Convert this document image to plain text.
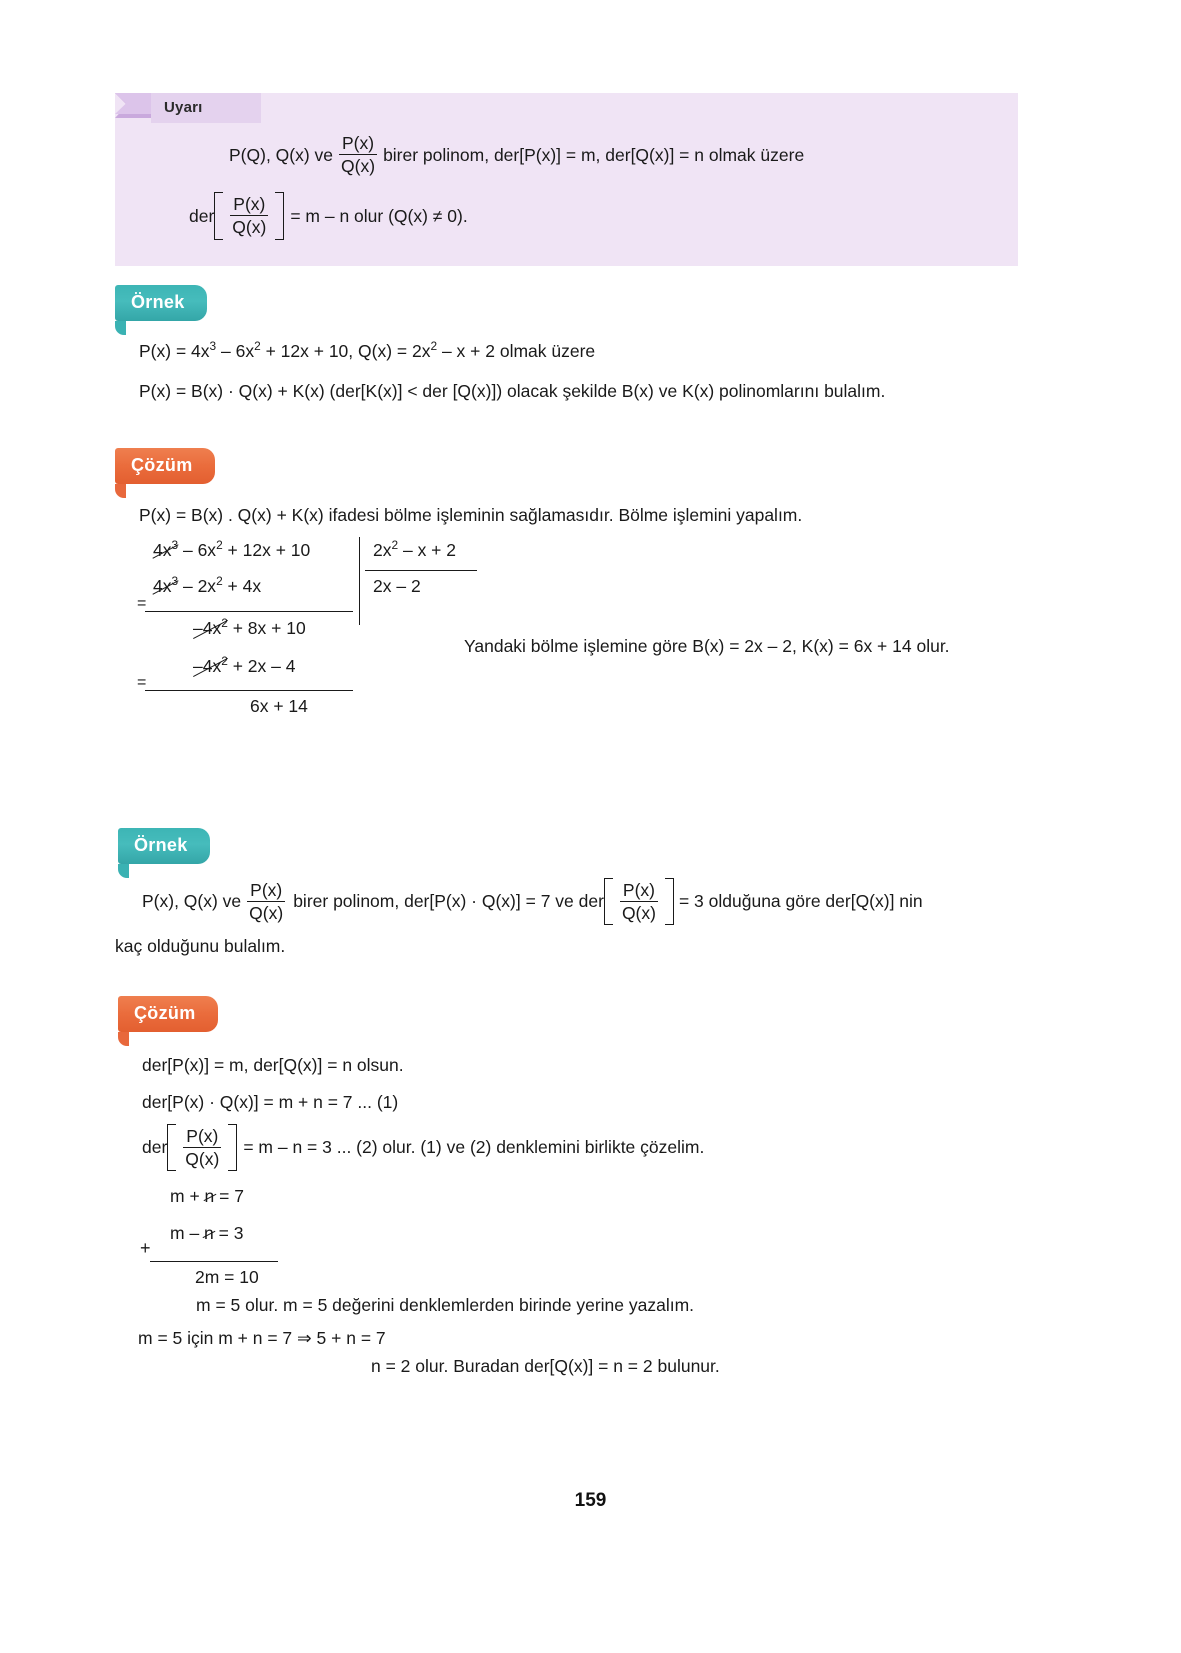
Uyarı
P(Q), Q(x) ve $\frac{P(x)}{Q(x)}$ birer polinom, der[P(x)] = m, der[Q(x)] = n olmak üzere
der $\frac{P(x)}{Q(x)} = m - n$ olur (Q(x) ≠ 0).
Örnek
$P(x) = 4x^3 - 6x^2 + 12x + 10$, $Q(x) = 2x^2 - x + 2$ olmak üzere
P(x) = B(x) · Q(x) + K(x) (der[K(x)] < der [Q(x)]) olacak şekilde B(x) ve K(x) polinomlarını bulalım.
Çözüm
P(x) = B(x) . Q(x) + K(x) ifadesi bölme işleminin sağlamasıdır. Bölme işlemini yapalım.
$4x^3 - 6x^2 + 12x + 10$	$2x^2 - x + 2$
2x – 2
$4x^3 - 2x^2 + 4x$
=
$-4x^2 + 8x + 10$
$-4x^2 + 2x - 4$
=
6x + 14
Yandaki bölme işlemine göre B(x) = 2x – 2, K(x) = 6x + 14 olur.
Örnek
P(x), Q(x) ve $\frac{P(x)}{Q(x)}$ birer polinom, der[P(x) · Q(x)] = 7 ve der $\frac{P(x)}{Q(x)} = 3$ olduğuna göre der[Q(x)] nin
kaç olduğunu bulalım.
Çözüm
der[P(x)] = m, der[Q(x)] = n olsun.
der[P(x) · Q(x)] = m + n = 7 ... (1)
der $\frac{P(x)}{Q(x)} = m - n = 3$ ... (2) olur. (1) ve (2) denklemini birlikte çözelim.
m + n = 7
m – n = 3
+
2m = 10
m = 5 olur. m = 5 değerini denklemlerden birinde yerine yazalım.
m = 5 için m + n = 7 ⇒ 5 + n = 7
n = 2 olur. Buradan der[Q(x)] = n = 2 bulunur.
159
